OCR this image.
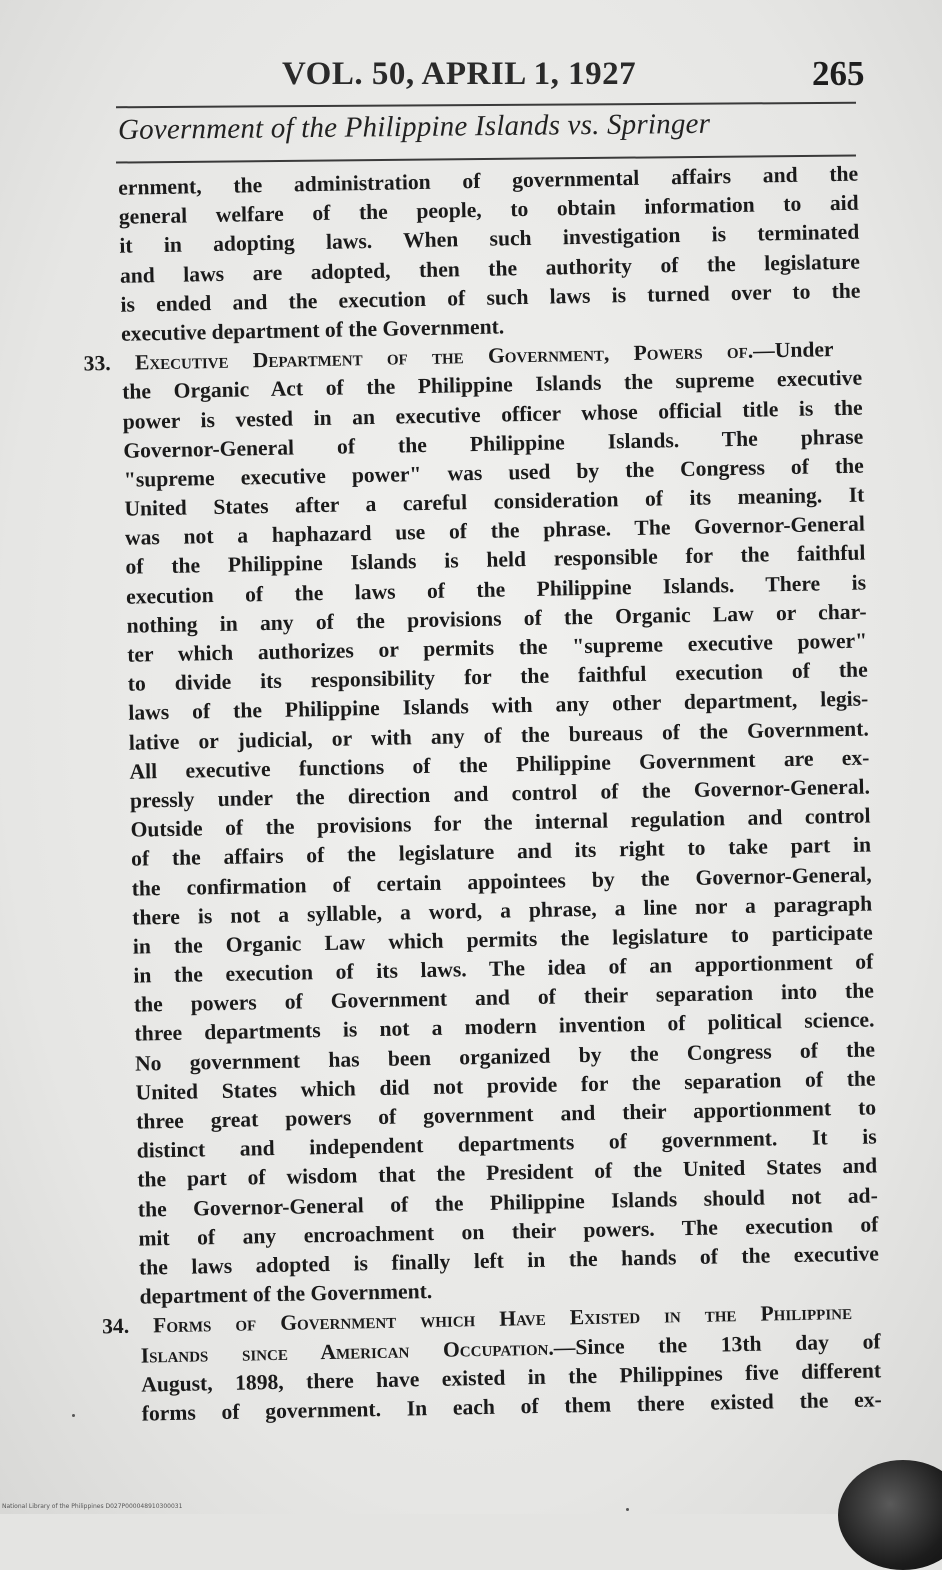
VOL. 50, APRIL 1, 1927	265
Government of the Philippine Islands vs. Springer
ernment, the administration of governmental affairs and the
general welfare of the people, to obtain information to aid
it in adopting laws. When such investigation is terminated
and laws are adopted, then the authority of the legislature
is ended and the execution of such laws is turned over to the
executive department of the Government.
33. Executive Department of the Government, Powers of.—Under
the Organic Act of the Philippine Islands the supreme executive
power is vested in an executive officer whose official title is the
Governor-General of the Philippine Islands. The phrase
"supreme executive power" was used by the Congress of the
United States after a careful consideration of its meaning. It
was not a haphazard use of the phrase. The Governor-General
of the Philippine Islands is held responsible for the faithful
execution of the laws of the Philippine Islands. There is
nothing in any of the provisions of the Organic Law or char-
ter which authorizes or permits the "supreme executive power"
to divide its responsibility for the faithful execution of the
laws of the Philippine Islands with any other department, legis-
lative or judicial, or with any of the bureaus of the Government.
All executive functions of the Philippine Government are ex-
pressly under the direction and control of the Governor-General.
Outside of the provisions for the internal regulation and control
of the affairs of the legislature and its right to take part in
the confirmation of certain appointees by the Governor-General,
there is not a syllable, a word, a phrase, a line nor a paragraph
in the Organic Law which permits the legislature to participate
in the execution of its laws. The idea of an apportionment of
the powers of Government and of their separation into the
three departments is not a modern invention of political science.
No government has been organized by the Congress of the
United States which did not provide for the separation of the
three great powers of government and their apportionment to
distinct and independent departments of government. It is
the part of wisdom that the President of the United States and
the Governor-General of the Philippine Islands should not ad-
mit of any encroachment on their powers. The execution of
the laws adopted is finally left in the hands of the executive
department of the Government.
34. Forms of Government which Have Existed in the Philippine
Islands since American Occupation.—Since the 13th day of
August, 1898, there have existed in the Philippines five different
forms of government. In each of them there existed the ex-
National Library of the Philippines D027P000048910300031
